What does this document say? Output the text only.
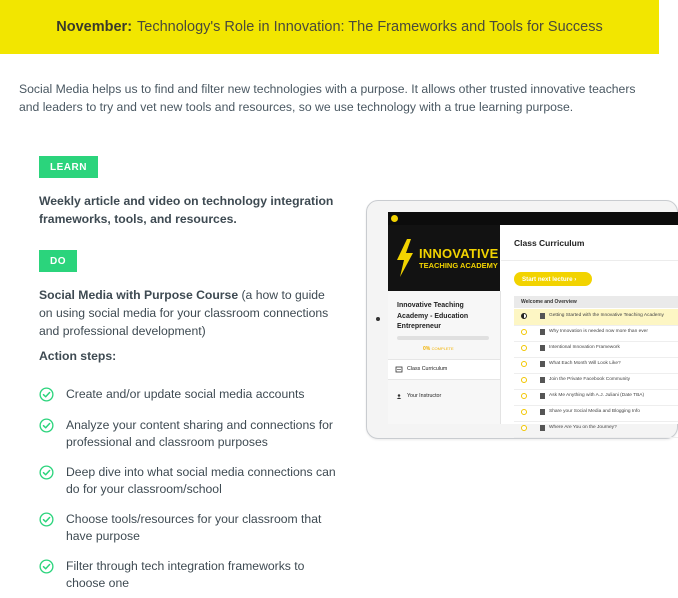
November: Technology's Role in Innovation: The Frameworks and Tools for Success
Social Media helps us to find and filter new technologies with a purpose. It allows other trusted innovative teachers and leaders to try and vet new tools and resources, so we use technology with a true learning purpose.
LEARN
Weekly article and video on technology integration frameworks, tools, and resources.
DO
Social Media with Purpose Course (a how to guide on using social media for your classroom connections and professional development)
Action steps:
Create and/or update social media accounts
Analyze your content sharing and connections for professional and classroom purposes
Deep dive into what social media connections can do for your classroom/school
Choose tools/resources for your classroom that have purpose
Filter through tech integration frameworks to choose one
INNOVATIVE
TEACHING ACADEMY
Innovative Teaching Academy - Education Entrepreneur
0% COMPLETE
Class Curriculum
Your Instructor
Class Curriculum
Start next lecture ›
Welcome and Overview
Getting Started with the Innovative Teaching Academy
Why Innovation is needed now more than ever
Intentional Innovation Framework
What Each Month Will Look Like?
Join the Private Facebook Community
Ask Me Anything with A.J. Juliani (Date TBA)
Share your Social Media and Blogging Info
Where Are You on the Journey?
